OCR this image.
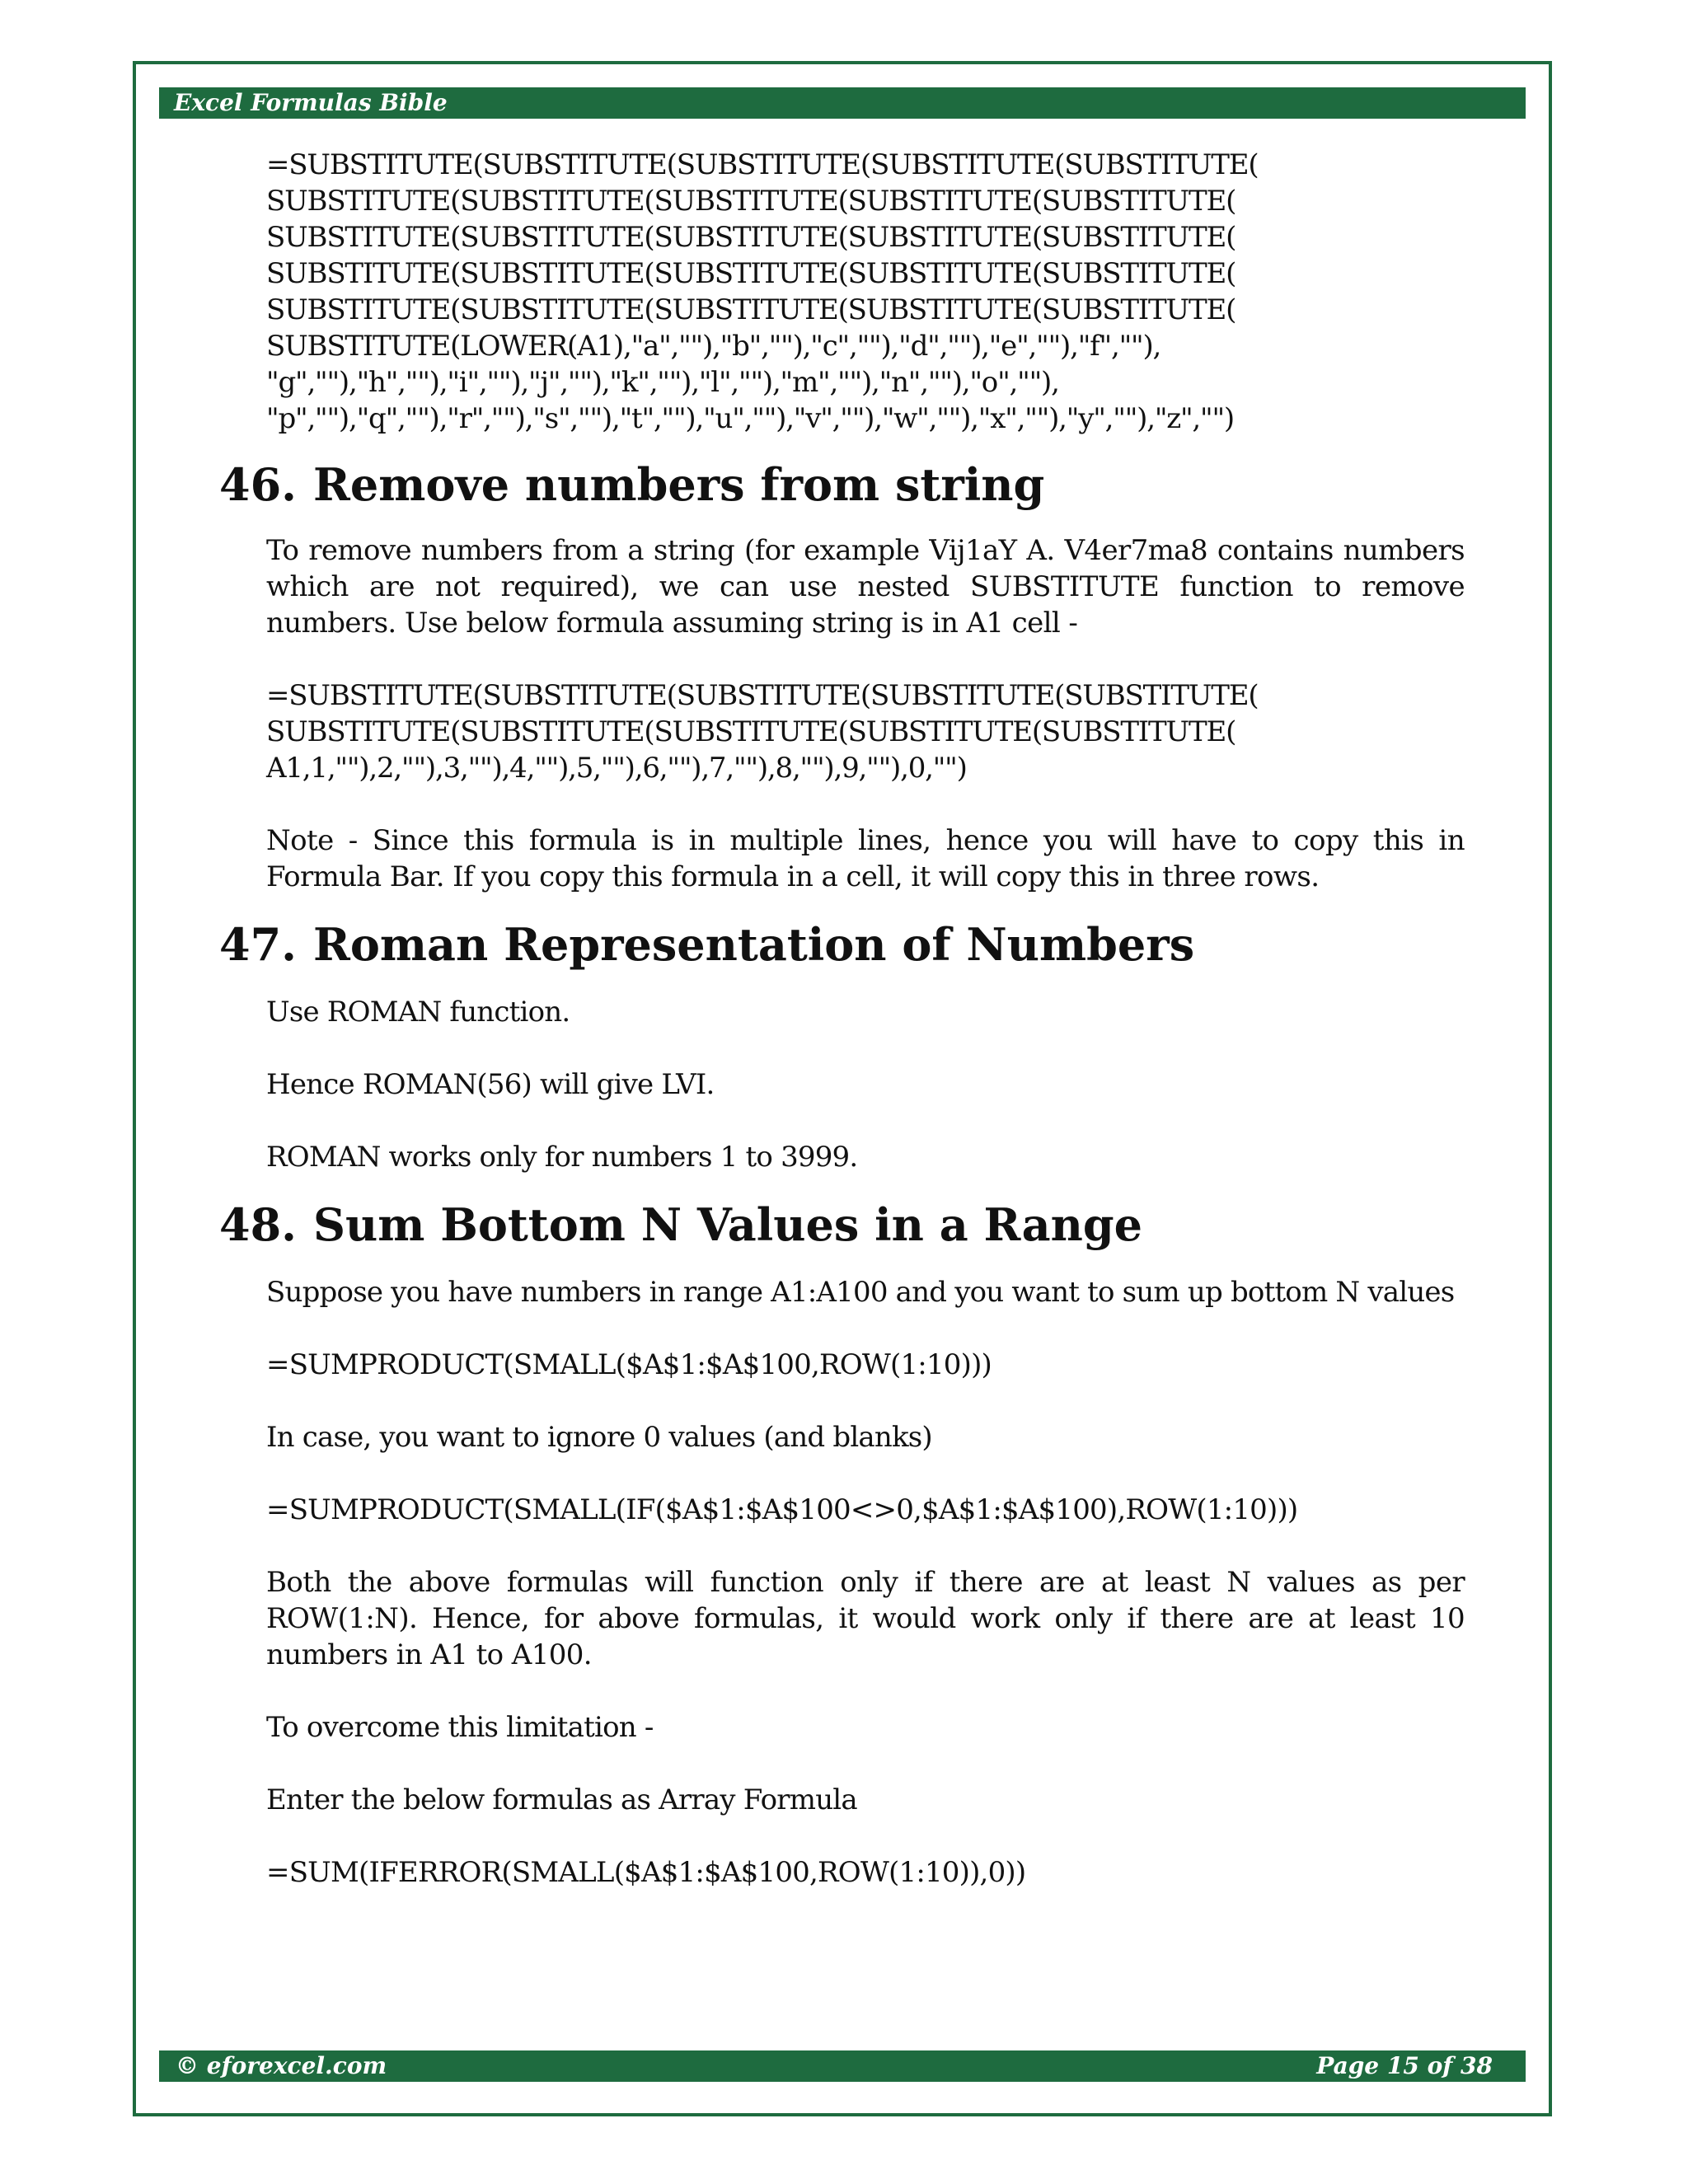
Excel Formulas Bible
=SUBSTITUTE(SUBSTITUTE(SUBSTITUTE(SUBSTITUTE(SUBSTITUTE(
SUBSTITUTE(SUBSTITUTE(SUBSTITUTE(SUBSTITUTE(SUBSTITUTE(
SUBSTITUTE(SUBSTITUTE(SUBSTITUTE(SUBSTITUTE(SUBSTITUTE(
SUBSTITUTE(SUBSTITUTE(SUBSTITUTE(SUBSTITUTE(SUBSTITUTE(
SUBSTITUTE(SUBSTITUTE(SUBSTITUTE(SUBSTITUTE(SUBSTITUTE(
SUBSTITUTE(LOWER(A1),"a",""),"b",""),"c",""),"d",""),"e",""),"f",""),
"g",""),"h",""),"i",""),"j",""),"k",""),"l",""),"m",""),"n",""),"o",""),
"p",""),"q",""),"r",""),"s",""),"t",""),"u",""),"v",""),"w",""),"x",""),"y",""),"z","")
46. Remove numbers from string

To remove numbers from a string (for example Vij1aY A. V4er7ma8 contains numbers which are not required), we can use nested SUBSTITUTE function to remove numbers. Use below formula assuming string is in A1 cell -

=SUBSTITUTE(SUBSTITUTE(SUBSTITUTE(SUBSTITUTE(SUBSTITUTE(
SUBSTITUTE(SUBSTITUTE(SUBSTITUTE(SUBSTITUTE(SUBSTITUTE(
A1,1,""),2,""),3,""),4,""),5,""),6,""),7,""),8,""),9,""),0,"")

Note - Since this formula is in multiple lines, hence you will have to copy this in Formula Bar. If you copy this formula in a cell, it will copy this in three rows.

47. Roman Representation of Numbers
Use ROMAN function.
Hence ROMAN(56) will give LVI.
ROMAN works only for numbers 1 to 3999.
48. Sum Bottom N Values in a Range
Suppose you have numbers in range A1:A100 and you want to sum up bottom N values
=SUMPRODUCT(SMALL($A$1:$A$100,ROW(1:10)))
In case, you want to ignore 0 values (and blanks)
=SUMPRODUCT(SMALL(IF($A$1:$A$100<>0,$A$1:$A$100),ROW(1:10)))

Both the above formulas will function only if there are at least N values as per ROW(1:N). Hence, for above formulas, it would work only if there are at least 10 numbers in A1 to A100.

To overcome this limitation -
Enter the below formulas as Array Formula
=SUM(IFERROR(SMALL($A$1:$A$100,ROW(1:10)),0))
© eforexcel.com	Page 15 of 38
